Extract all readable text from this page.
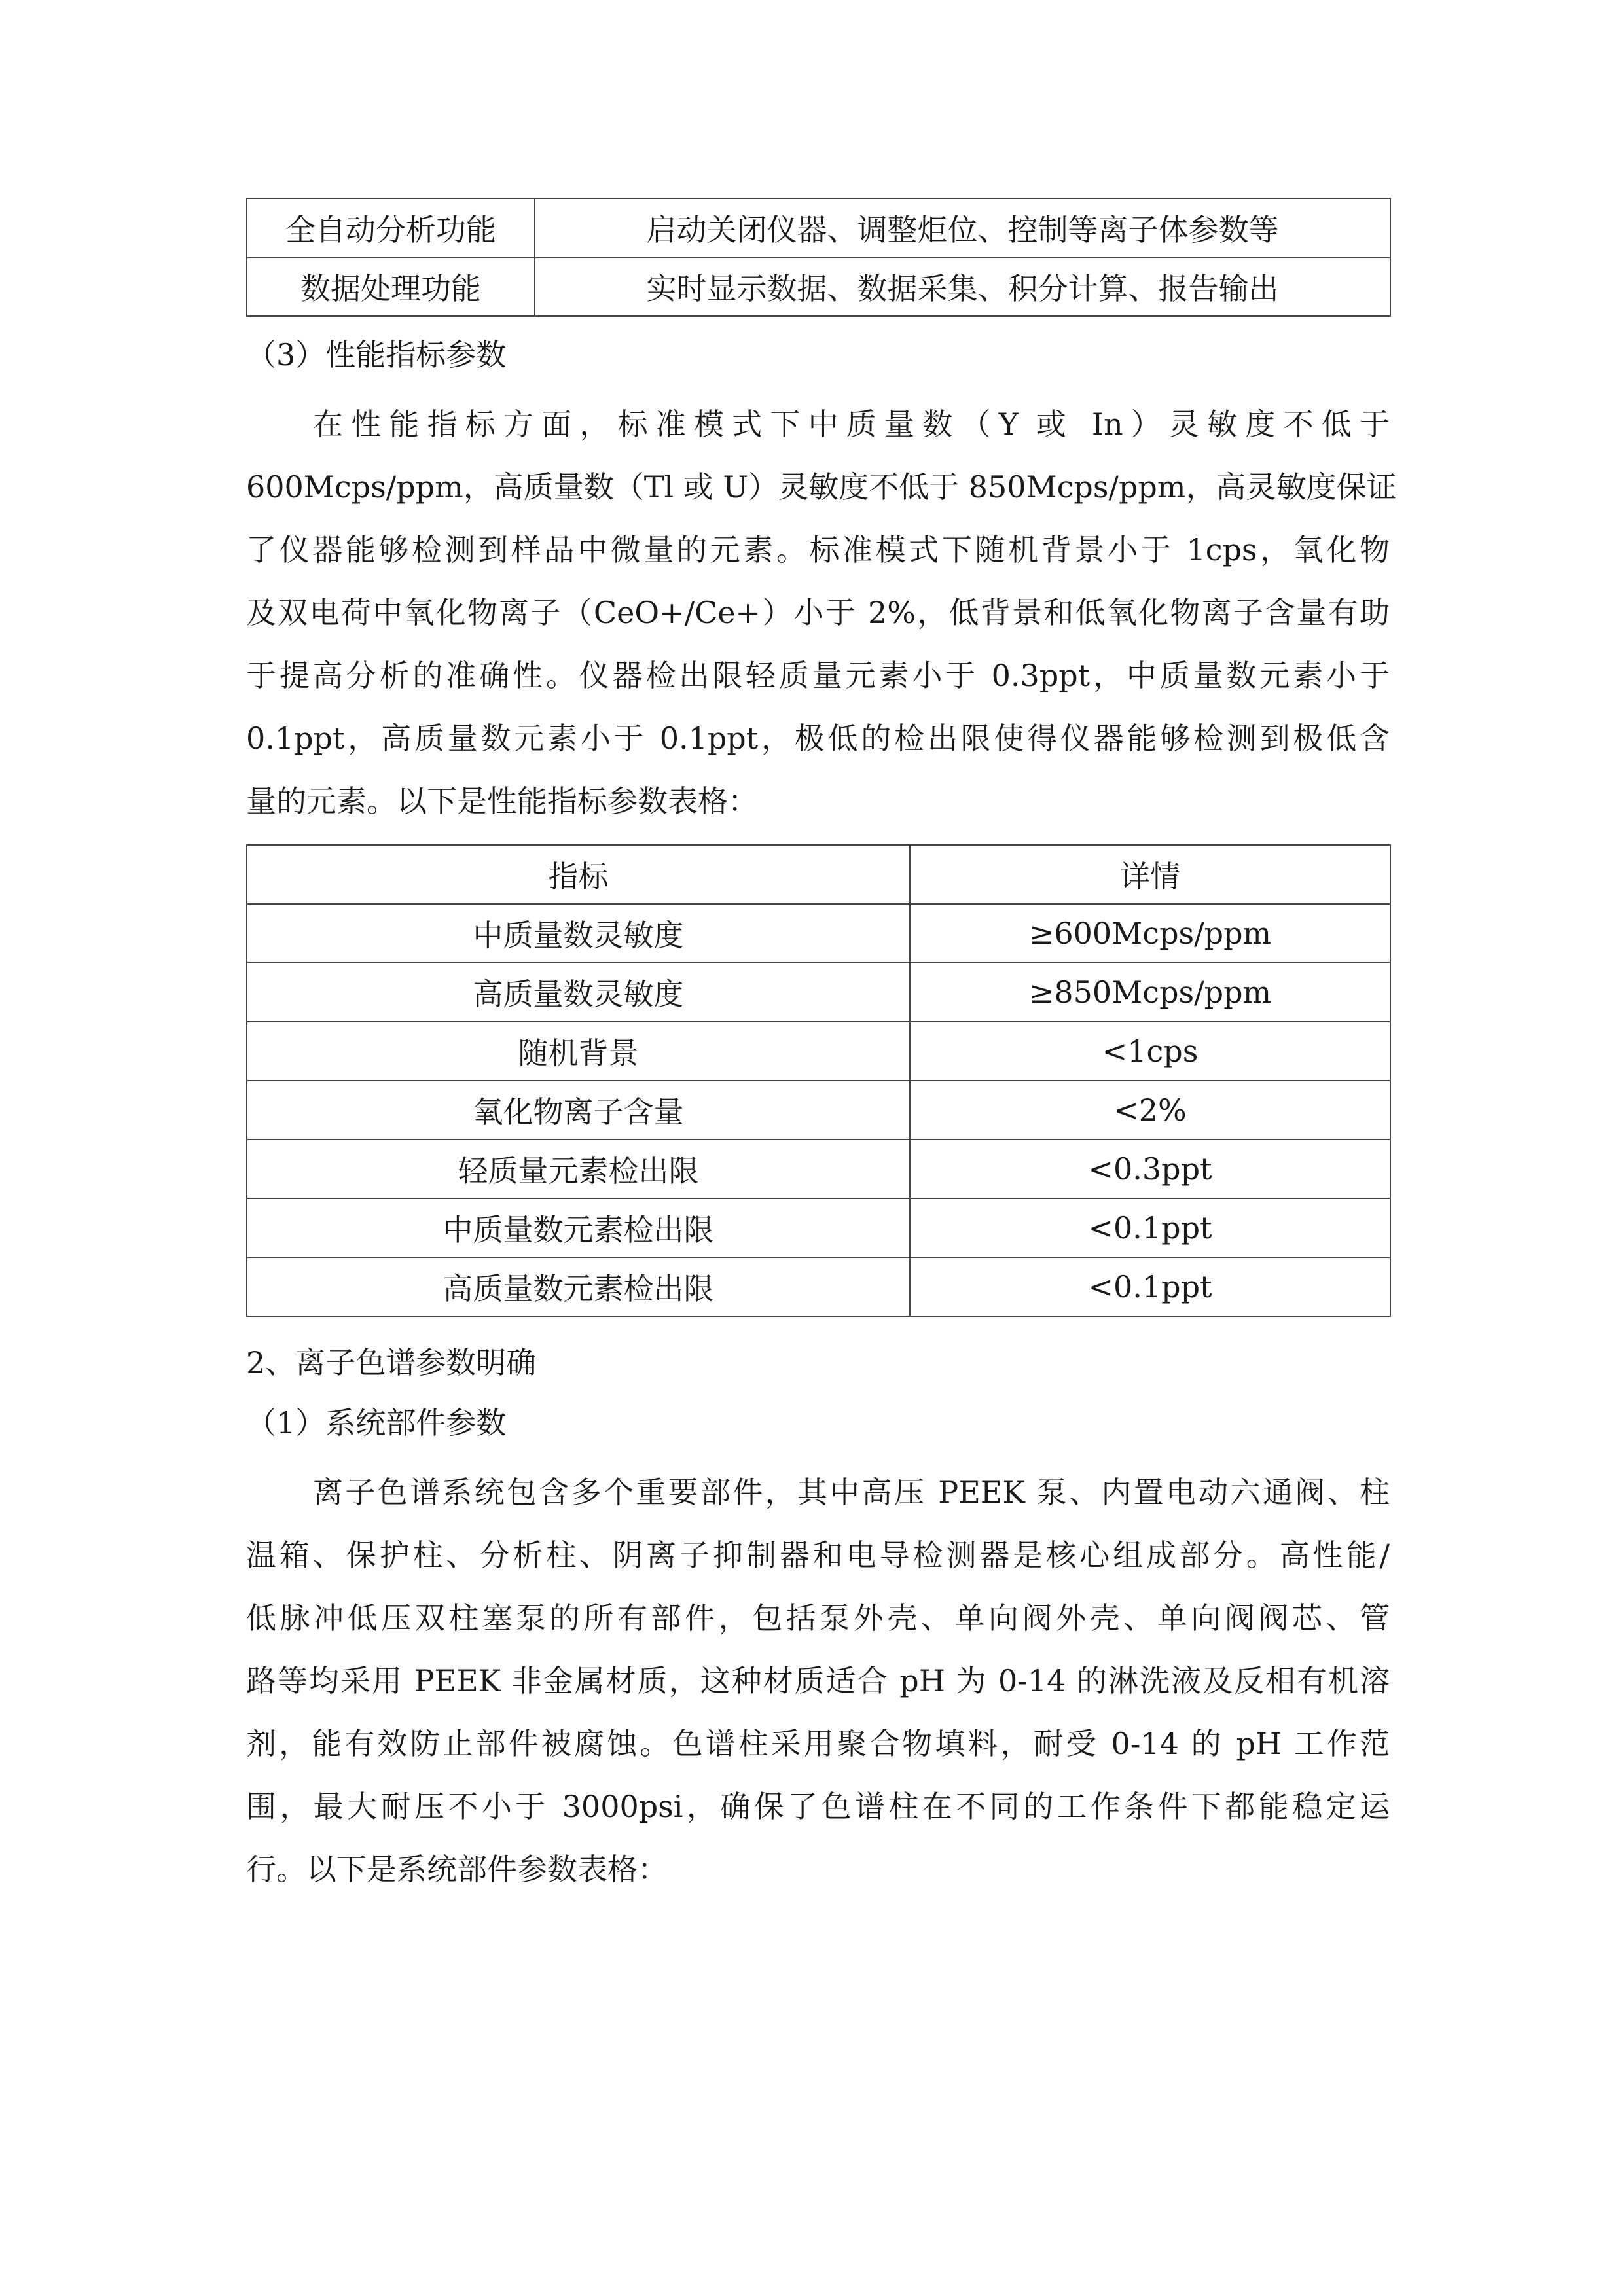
全自动分析功能	启动关闭仪器、调整炬位、控制等离子体参数等
数据处理功能	实时显示数据、数据采集、积分计算、报告输出
（3）性能指标参数
在性能指标方面，标准模式下中质量数（Y 或 In）灵敏度不低于
600Mcps/ppm，高质量数（Tl 或 U）灵敏度不低于 850Mcps/ppm，高灵敏度保证
了仪器能够检测到样品中微量的元素。标准模式下随机背景小于 1cps，氧化物
及双电荷中氧化物离子（CeO+/Ce+）小于 2%，低背景和低氧化物离子含量有助
于提高分析的准确性。仪器检出限轻质量元素小于 0.3ppt，中质量数元素小于
0.1ppt，高质量数元素小于 0.1ppt，极低的检出限使得仪器能够检测到极低含
量的元素。以下是性能指标参数表格：
指标	详情
中质量数灵敏度	≥600Mcps/ppm
高质量数灵敏度	≥850Mcps/ppm
随机背景	<1cps
氧化物离子含量	<2%
轻质量元素检出限	<0.3ppt
中质量数元素检出限	<0.1ppt
高质量数元素检出限	<0.1ppt
2、离子色谱参数明确
（1）系统部件参数
离子色谱系统包含多个重要部件，其中高压 PEEK 泵、内置电动六通阀、柱
温箱、保护柱、分析柱、阴离子抑制器和电导检测器是核心组成部分。高性能/
低脉冲低压双柱塞泵的所有部件，包括泵外壳、单向阀外壳、单向阀阀芯、管
路等均采用 PEEK 非金属材质，这种材质适合 pH 为 0-14 的淋洗液及反相有机溶
剂，能有效防止部件被腐蚀。色谱柱采用聚合物填料，耐受 0-14 的 pH 工作范
围，最大耐压不小于 3000psi，确保了色谱柱在不同的工作条件下都能稳定运
行。以下是系统部件参数表格：
